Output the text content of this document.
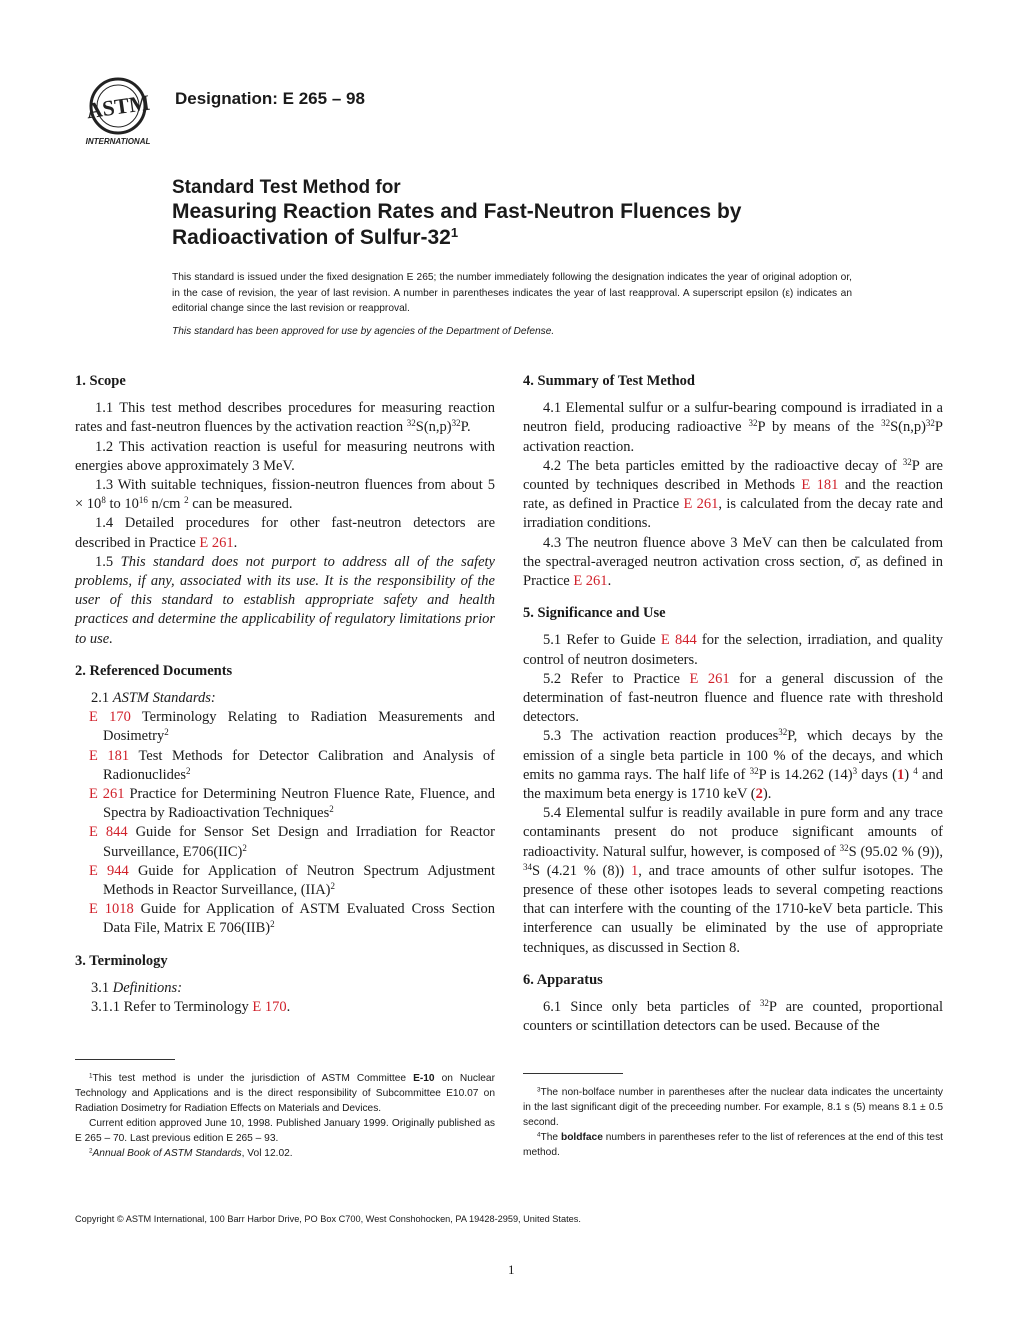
ASTM
INTERNATIONAL
Designation: E 265 – 98
Standard Test Method for
Measuring Reaction Rates and Fast-Neutron Fluences by
Radioactivation of Sulfur-$32^1$
This standard is issued under the fixed designation E 265; the number immediately following the designation indicates the year of original adoption or, in the case of revision, the year of last revision. A number in parentheses indicates the year of last reapproval. A superscript epsilon (ε) indicates an editorial change since the last revision or reapproval.
This standard has been approved for use by agencies of the Department of Defense.
1. Scope

1.1 This test method describes procedures for measuring reaction rates and fast-neutron fluences by the activation reaction $^{32}S(n,p)^{32}P$.

1.2 This activation reaction is useful for measuring neutrons with energies above approximately 3 MeV.

1.3 With suitable techniques, fission-neutron fluences from about $5 \times 10^8$ to $10^{16}$ n/cm $^2$ can be measured.

1.4 Detailed procedures for other fast-neutron detectors are described in Practice E 261.

1.5 This standard does not purport to address all of the safety problems, if any, associated with its use. It is the responsibility of the user of this standard to establish appropriate safety and health practices and determine the applicability of regulatory limitations prior to use.

2. Referenced Documents

2.1 ASTM Standards:

E 170 Terminology Relating to Radiation Measurements and Dosimetry$^2$
E 181 Test Methods for Detector Calibration and Analysis of Radionuclides$^2$
E 261 Practice for Determining Neutron Fluence Rate, Fluence, and Spectra by Radioactivation Techniques$^2$
E 844 Guide for Sensor Set Design and Irradiation for Reactor Surveillance, E706(IIC)$^2$
E 944 Guide for Application of Neutron Spectrum Adjustment Methods in Reactor Surveillance, (IIA)$^2$
E 1018 Guide for Application of ASTM Evaluated Cross Section Data File, Matrix E 706(IIB)$^2$
3. Terminology

3.1 Definitions:

3.1.1 Refer to Terminology E 170.

4. Summary of Test Method

4.1 Elemental sulfur or a sulfur-bearing compound is irradiated in a neutron field, producing radioactive $^{32}$P by means of the $^{32}S(n,p)^{32}P$ activation reaction.

4.2 The beta particles emitted by the radioactive decay of $^{32}$P are counted by techniques described in Methods E 181 and the reaction rate, as defined in Practice E 261, is calculated from the decay rate and irradiation conditions.

4.3 The neutron fluence above 3 MeV can then be calculated from the spectral-averaged neutron activation cross section, σ̄, as defined in Practice E 261.

5. Significance and Use

5.1 Refer to Guide E 844 for the selection, irradiation, and quality control of neutron dosimeters.

5.2 Refer to Practice E 261 for a general discussion of the determination of fast-neutron fluence and fluence rate with threshold detectors.

5.3 The activation reaction produces$^{32}$P, which decays by the emission of a single beta particle in 100 % of the decays, and which emits no gamma rays. The half life of $^{32}$P is 14.262 $(14)^3$ days (1) $^4$ and the maximum beta energy is 1710 keV (2).

5.4 Elemental sulfur is readily available in pure form and any trace contaminants present do not produce significant amounts of radioactivity. Natural sulfur, however, is composed of $^{32}$S (95.02 % (9)), $^{34}$S (4.21 % (8)) 1, and trace amounts of other sulfur isotopes. The presence of these other isotopes leads to several competing reactions that can interfere with the counting of the 1710-keV beta particle. This interference can usually be eliminated by the use of appropriate techniques, as discussed in Section 8.

6. Apparatus

6.1 Since only beta particles of $^{32}$P are counted, proportional counters or scintillation detectors can be used. Because of the

$^1$This test method is under the jurisdiction of ASTM Committee E-10 on Nuclear Technology and Applications and is the direct responsibility of Subcommittee E10.07 on Radiation Dosimetry for Radiation Effects on Materials and Devices.

Current edition approved June 10, 1998. Published January 1999. Originally published as E 265 – 70. Last previous edition E 265 – 93.

$^2$Annual Book of ASTM Standards, Vol 12.02.

$^3$The non-bolface number in parentheses after the nuclear data indicates the uncertainty in the last significant digit of the preceeding number. For example, 8.1 s (5) means 8.1 ± 0.5 second.

$^4$The boldface numbers in parentheses refer to the list of references at the end of this test method.

Copyright © ASTM International, 100 Barr Harbor Drive, PO Box C700, West Conshohocken, PA 19428-2959, United States.
1
